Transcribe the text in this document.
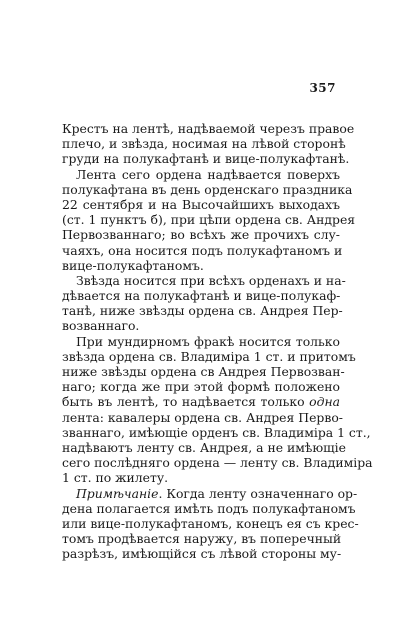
357
Крестъ на лентѣ, надѣваемой черезъ правое
плечо, и звѣзда, носимая на лѣвой сторонѣ
груди на полукафтанѣ и вице-полукафтанѣ.
Лента сего ордена надѣвается поверхъ
полукафтана въ день орденскаго праздника
22 сентября и на Высочайшихъ выходахъ
(ст. 1 пунктъ б), при цѣпи ордена св. Андрея
Первозваннаго; во всѣхъ же прочихъ слу-
чаяхъ, она носится подъ полукафтаномъ и
вице-полукафтаномъ.
Звѣзда носится при всѣхъ орденахъ и на-
дѣвается на полукафтанѣ и вице-полукаф-
танѣ, ниже звѣзды ордена св. Андрея Пер-
возваннаго.
При мундирномъ фракѣ носится только
звѣзда ордена св. Владиміра 1 ст. и притомъ
ниже звѣзды ордена св Андрея Первозван-
наго; когда же при этой формѣ положено
быть въ лентѣ, то надѣвается только одна
лента: кавалеры ордена св. Андрея Перво-
званнаго, имѣющіе орденъ св. Владиміра 1 ст.,
надѣваютъ ленту св. Андрея, а не имѣющіе
сего послѣдняго ордена — ленту св. Владиміра
1 ст. по жилету.
Примѣчаніе. Когда ленту означеннаго ор-
дена полагается имѣть подъ полукафтаномъ
или вице-полукафтаномъ, конецъ ея съ крес-
томъ продѣвается наружу, въ поперечный
разрѣзъ, имѣющійся съ лѣвой стороны му-
